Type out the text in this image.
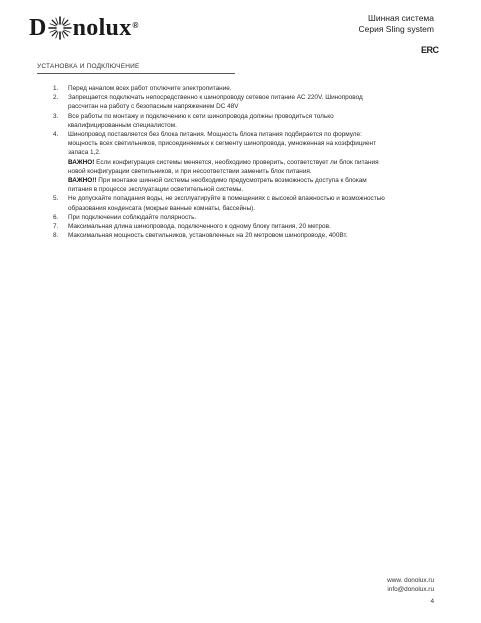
D nolux ®
Шинная система
Серия Sling system
ERC
УСТАНОВКА И ПОДКЛЮЧЕНИЕ
1. Перед началом всех работ отключите электропитание.
2. Запрещается подключать непосредственно к шинопроводу сетевое питание АС 220V. Шинопровод
рассчитан на работу с безопасным напряжением DC 48V
3. Все работы по монтажу и подключению к сети шинопровода должны проводиться только
квалифицированным специалистом.
4. Шинопровод поставляется без блока питания. Мощность блока питания подбирается по формуле:
мощность всех светильников, присоединяемых к сегменту шинопровода, умноженная на коэффициент
запаса 1,2.
ВАЖНО! Если конфигурация системы меняется, необходимо проверить, соответствует ли блок питания
новой конфигурации светильников, и при несоответствии заменить блок питания.
ВАЖНО!! При монтаже шинной системы необходимо предусмотреть возможность доступа к блокам
питания в процессе эксплуатации осветительной системы.
5. Не допускайте попадания воды, не эксплуатируйте в помещениях с высокой влажностью и возможностью
образования конденсата (мокрые ванные комнаты, бассейны).
6. При подключении соблюдайте полярность.
7. Максимальная длина шинопровода, подключенного к одному блоку питания, 20 метров.
8. Максимальная мощность светильников, установленных на 20 метровом шинопроводе, 400Вт.
www. donolux.ru
info@donolux.ru
4
